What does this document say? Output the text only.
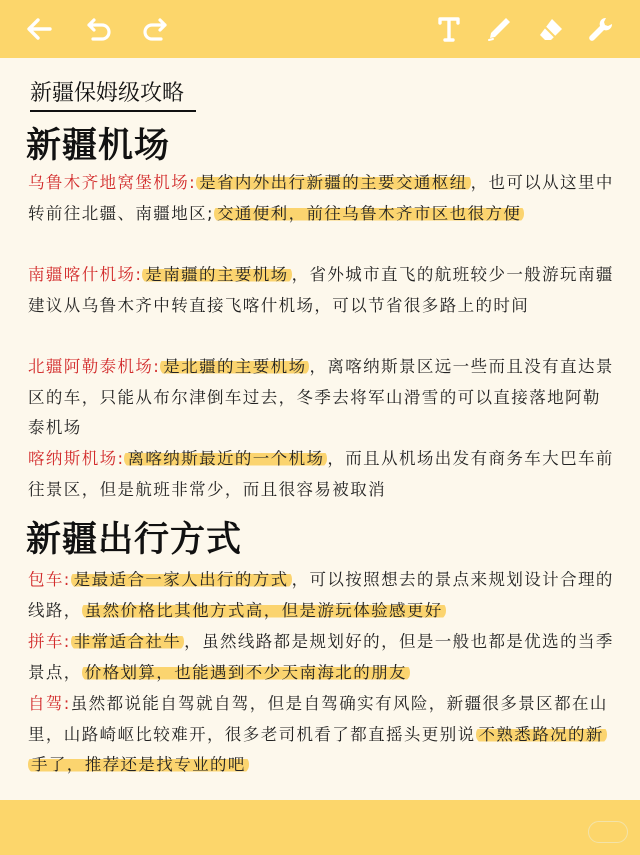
新疆保姆级攻略
新疆机场
乌鲁木齐地窝堡机场: 是省内外出行新疆的主要交通枢纽 ，也可以从这里中转前往北疆、南疆地区; 交通便利，前往乌鲁木齐市区也很方便
南疆喀什机场: 是南疆的主要机场 ，省外城市直飞的航班较少一般游玩南疆建议从乌鲁木齐中转直接飞喀什机场，可以节省很多路上的时间
北疆阿勒泰机场: 是北疆的主要机场 ，离喀纳斯景区远一些而且没有直达景区的车，只能从布尔津倒车过去，冬季去将军山滑雪的可以直接落地阿勒泰机场
喀纳斯机场: 离喀纳斯最近的一个机场 ，而且从机场出发有商务车大巴车前往景区，但是航班非常少，而且很容易被取消
新疆出行方式
包车: 是最适合一家人出行的方式 ，可以按照想去的景点来规划设计合理的线路， 虽然价格比其他方式高，但是游玩体验感更好
拼车: 非常适合社牛 ，虽然线路都是规划好的，但是一般也都是优选的当季景点， 价格划算，也能遇到不少天南海北的朋友
自驾:虽然都说能自驾就自驾，但是自驾确实有风险，新疆很多景区都在山里，山路崎岖比较难开，很多老司机看了都直摇头更别说 不熟悉路况的新手了，推荐还是找专业的吧
